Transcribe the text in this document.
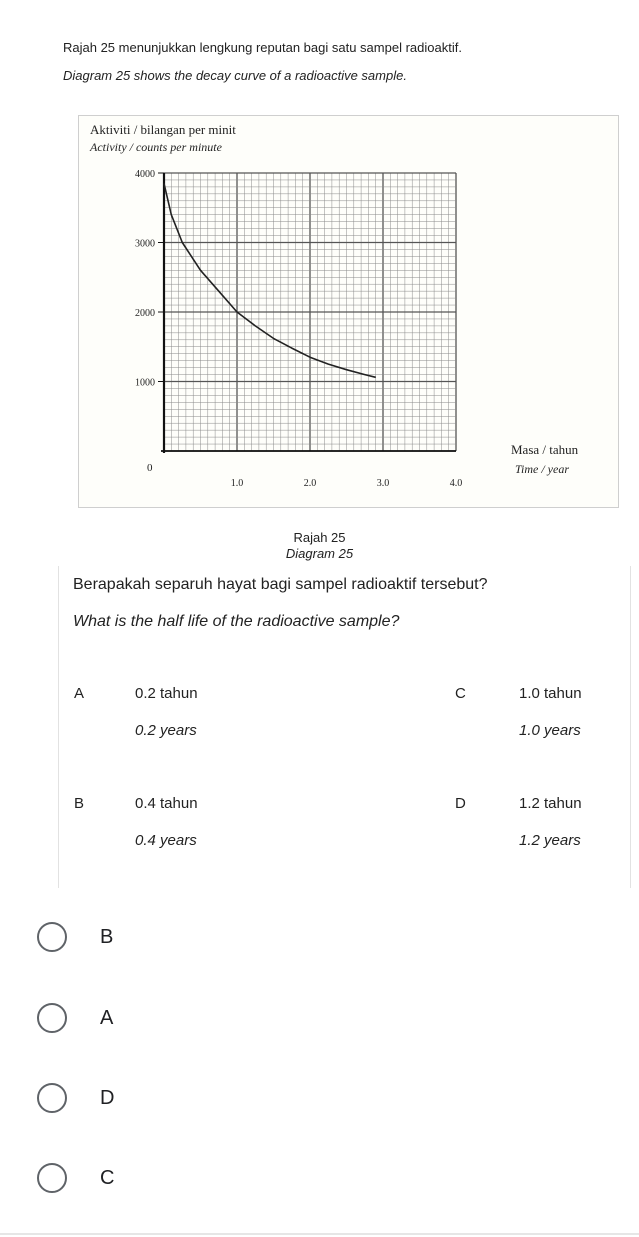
Rajah 25 menunjukkan lengkung reputan bagi satu sampel radioaktif.
Diagram 25 shows the decay curve of a radioactive sample.
Aktiviti / bilangan per minit
Activity / counts per minute
4000
3000
2000
1000
1.0	2.0	3.0	4.0
0
Masa / tahun
Time / year
Rajah 25
Diagram 25
Berapakah separuh hayat bagi sampel radioaktif tersebut?
What is the half life of the radioactive sample?
A	0.2 tahun
0.2 years
B	0.4 tahun
0.4 years
C	1.0 tahun
1.0 years
D	1.2 tahun
1.2 years
B
A
D
C
